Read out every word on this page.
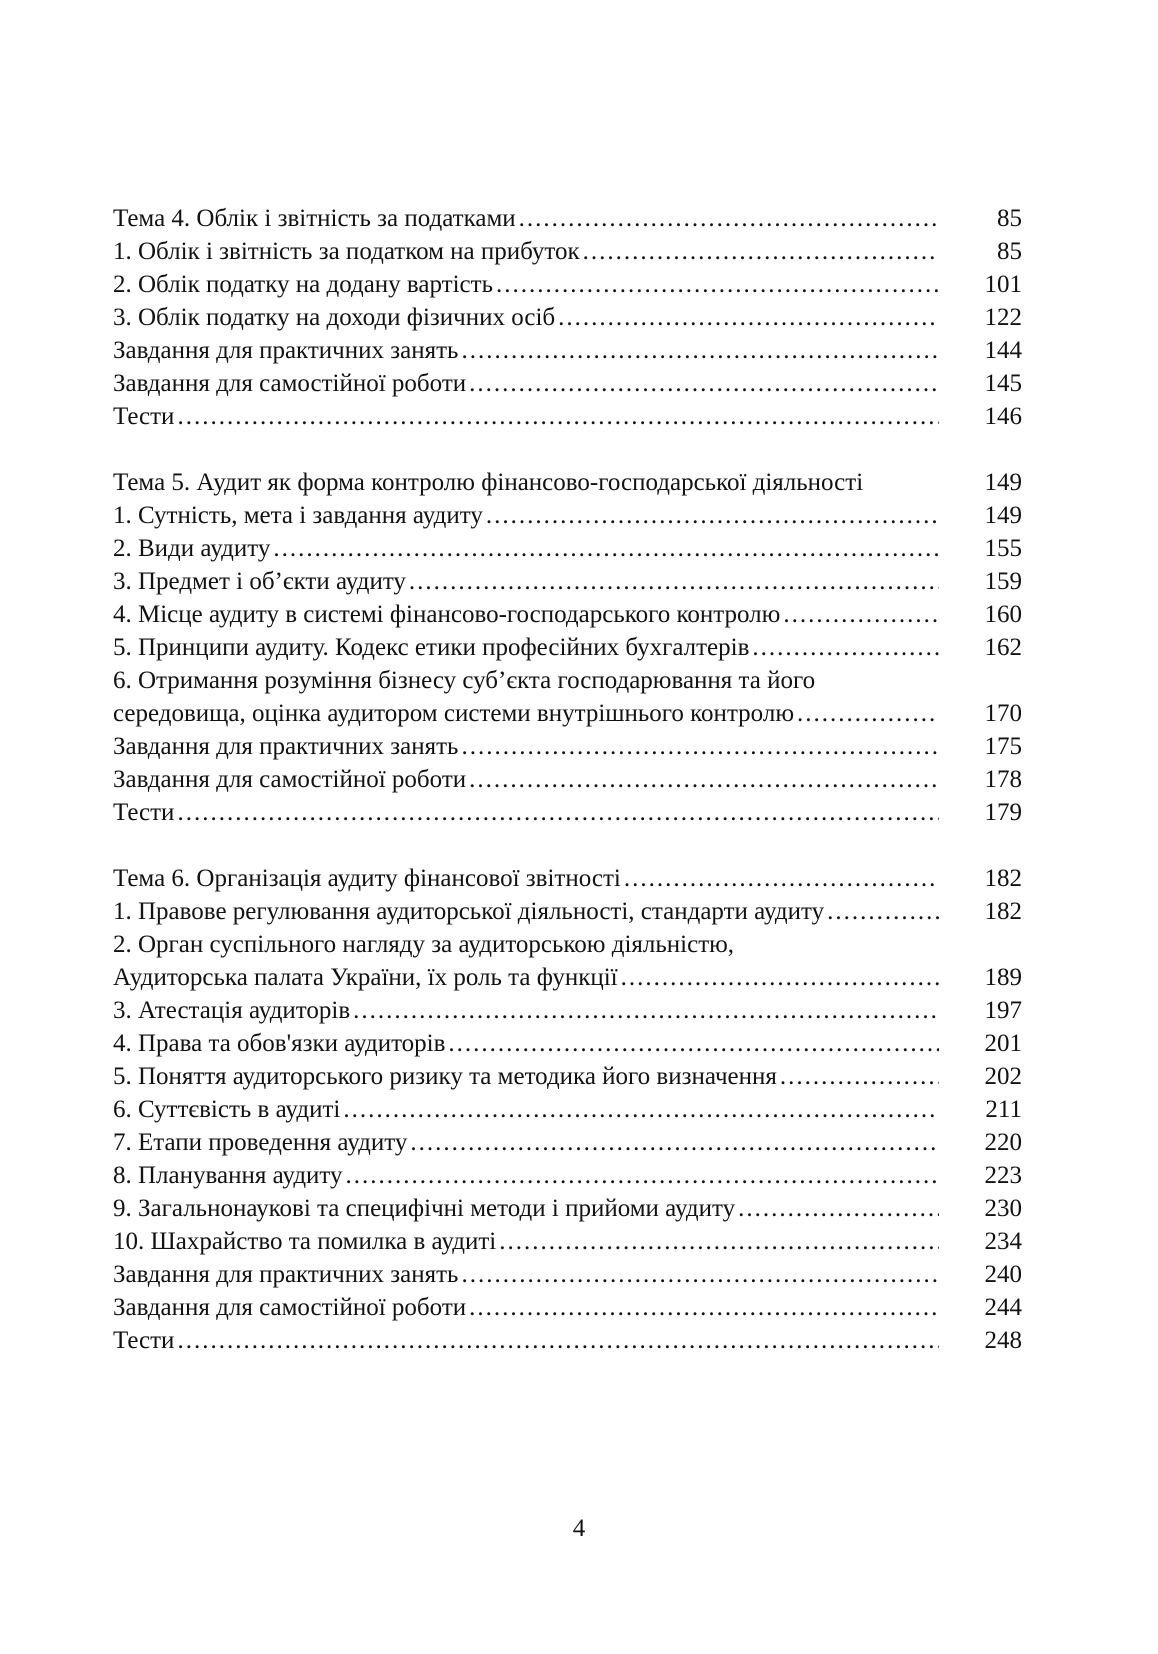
Тема 4. Облік і звітність за податками .....	85
1. Облік і звітність за податком на прибуток .....	85
2. Облік податку на додану вартість .....	101
3. Облік податку на доходи фізичних осіб .....	122
Завдання для практичних занять .....	144
Завдання для самостійної роботи .....	145
Тести .....	146
Тема 5. Аудит як форма контролю фінансово-господарської діяльності	149
1. Сутність, мета і завдання аудиту .....	149
2. Види аудиту .....	155
3. Предмет і об’єкти аудиту .....	159
4. Місце аудиту в системі фінансово-господарського контролю .....	160
5. Принципи аудиту. Кодекс етики професійних бухгалтерів .....	162
6. Отримання розуміння бізнесу суб’єкта господарювання та його
середовища, оцінка аудитором системи внутрішнього контролю .....	170
Завдання для практичних занять .....	175
Завдання для самостійної роботи .....	178
Тести .....	179
Тема 6. Організація аудиту фінансової звітності .....	182
1. Правове регулювання аудиторської діяльності, стандарти аудиту .....	182
2. Орган суспільного нагляду за аудиторською діяльністю,
Аудиторська палата України, їх роль та функції .....	189
3. Атестація аудиторів .....	197
4. Права та обов'язки аудиторів .....	201
5. Поняття аудиторського ризику та методика його визначення .....	202
6. Суттєвість в аудиті .....	211
7. Етапи проведення аудиту .....	220
8. Планування аудиту .....	223
9. Загальнонаукові та специфічні методи і прийоми аудиту .....	230
10. Шахрайство та помилка в аудиті .....	234
Завдання для практичних занять .....	240
Завдання для самостійної роботи .....	244
Тести .....	248
4
